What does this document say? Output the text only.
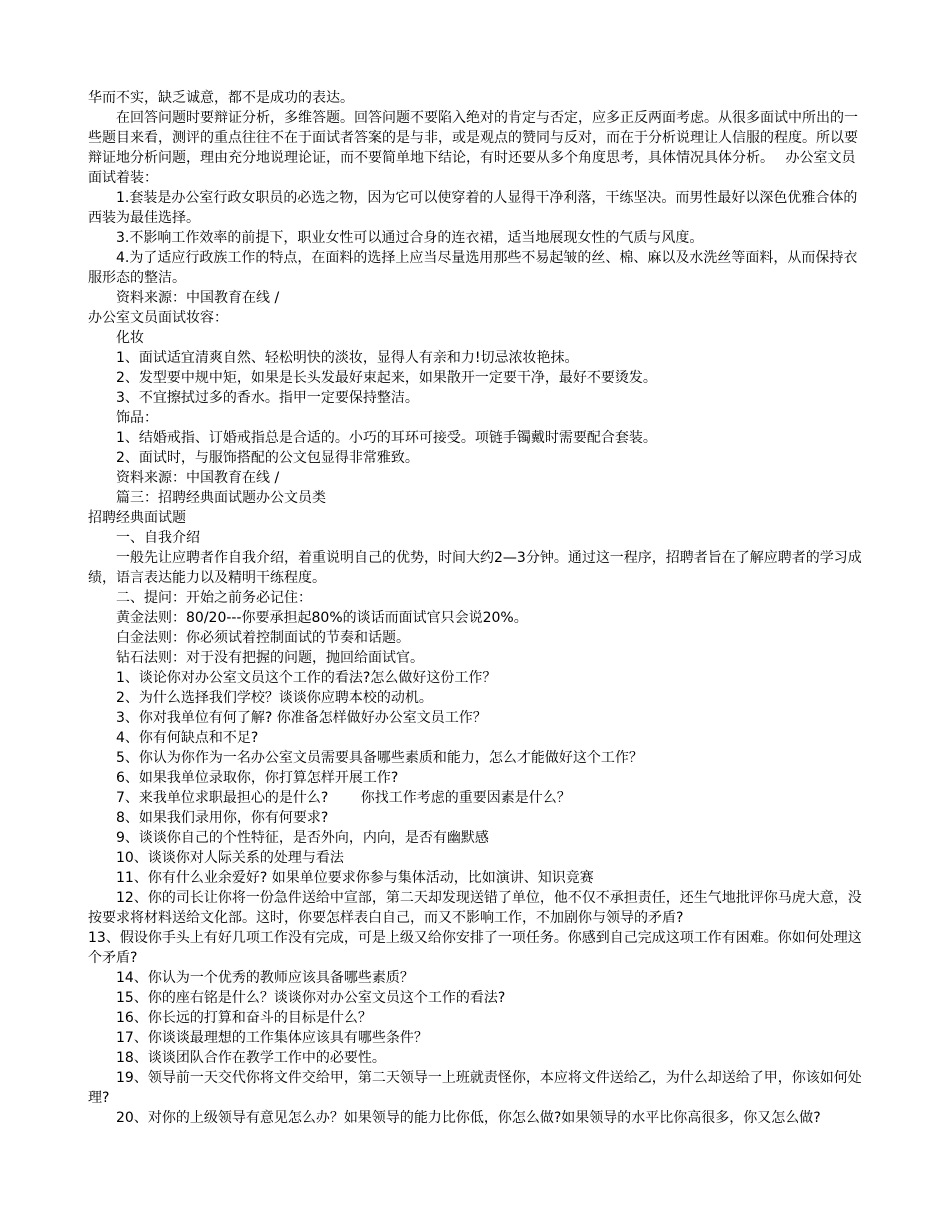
华而不实，缺乏诚意，都不是成功的表达。

在回答问题时要辩证分析，多维答题。回答问题不要陷入绝对的肯定与否定，应多正反两面考虑。从很多面试中所出的一些题目来看，测评的重点往往不在于面试者答案的是与非，或是观点的赞同与反对，而在于分析说理让人信服的程度。所以要辩证地分析问题，理由充分地说理论证，而不要简单地下结论，有时还要从多个角度思考，具体情况具体分析。　 办公室文员面试着装：

1.套装是办公室行政女职员的必选之物，因为它可以使穿着的人显得干净利落，干练坚决。而男性最好以深色优雅合体的西装为最佳选择。

3.不影响工作效率的前提下，职业女性可以通过合身的连衣裙，适当地展现女性的气质与风度。

4.为了适应行政族工作的特点，在面料的选择上应当尽量选用那些不易起皱的丝、棉、麻以及水洗丝等面料，从而保持衣服形态的整洁。

资料来源：中国教育在线 /

办公室文员面试妆容：

化妆

1、面试适宜清爽自然、轻松明快的淡妆，显得人有亲和力!切忌浓妆艳抹。

2、发型要中规中矩，如果是长头发最好束起来，如果散开一定要干净，最好不要烫发。

3、不宜擦拭过多的香水。指甲一定要保持整洁。

饰品：

1、结婚戒指、订婚戒指总是合适的。小巧的耳环可接受。项链手镯戴时需要配合套装。

2、面试时，与服饰搭配的公文包显得非常雅致。

资料来源：中国教育在线 /

篇三：招聘经典面试题办公文员类

招聘经典面试题

一、自我介绍

一般先让应聘者作自我介绍，着重说明自己的优势，时间大约2—3分钟。通过这一程序，招聘者旨在了解应聘者的学习成绩，语言表达能力以及精明干练程度。

二、提问：开始之前务必记住：

黄金法则：80/20---你要承担起80%的谈话而面试官只会说20%。

白金法则：你必须试着控制面试的节奏和话题。

钻石法则：对于没有把握的问题，抛回给面试官。

1、谈论你对办公室文员这个工作的看法?怎么做好这份工作？

2、为什么选择我们学校？谈谈你应聘本校的动机。

3、你对我单位有何了解? 你准备怎样做好办公室文员工作？

4、你有何缺点和不足?

5、你认为你作为一名办公室文员需要具备哪些素质和能力，怎么才能做好这个工作？

6、如果我单位录取你，你打算怎样开展工作?

7、来我单位求职最担心的是什么?　　 你找工作考虑的重要因素是什么？

8、如果我们录用你，你有何要求?

9、谈谈你自己的个性特征，是否外向，内向，是否有幽默感

10、谈谈你对人际关系的处理与看法

11、你有什么业余爱好? 如果单位要求你参与集体活动，比如演讲、知识竞赛

12、你的司长让你将一份急件送给中宣部，第二天却发现送错了单位，他不仅不承担责任，还生气地批评你马虎大意，没按要求将材料送给文化部。这时，你要怎样表白自己，而又不影响工作，不加剧你与领导的矛盾?

13、假设你手头上有好几项工作没有完成，可是上级又给你安排了一项任务。你感到自己完成这项工作有困难。你如何处理这个矛盾?

14、你认为一个优秀的教师应该具备哪些素质？

15、你的座右铭是什么？谈谈你对办公室文员这个工作的看法?

16、你长远的打算和奋斗的目标是什么？

17、你谈谈最理想的工作集体应该具有哪些条件？

18、谈谈团队合作在教学工作中的必要性。

19、领导前一天交代你将文件交给甲，第二天领导一上班就责怪你，本应将文件送给乙，为什么却送给了甲，你该如何处理?

20、对你的上级领导有意见怎么办？如果领导的能力比你低，你怎么做?如果领导的水平比你高很多，你又怎么做?
